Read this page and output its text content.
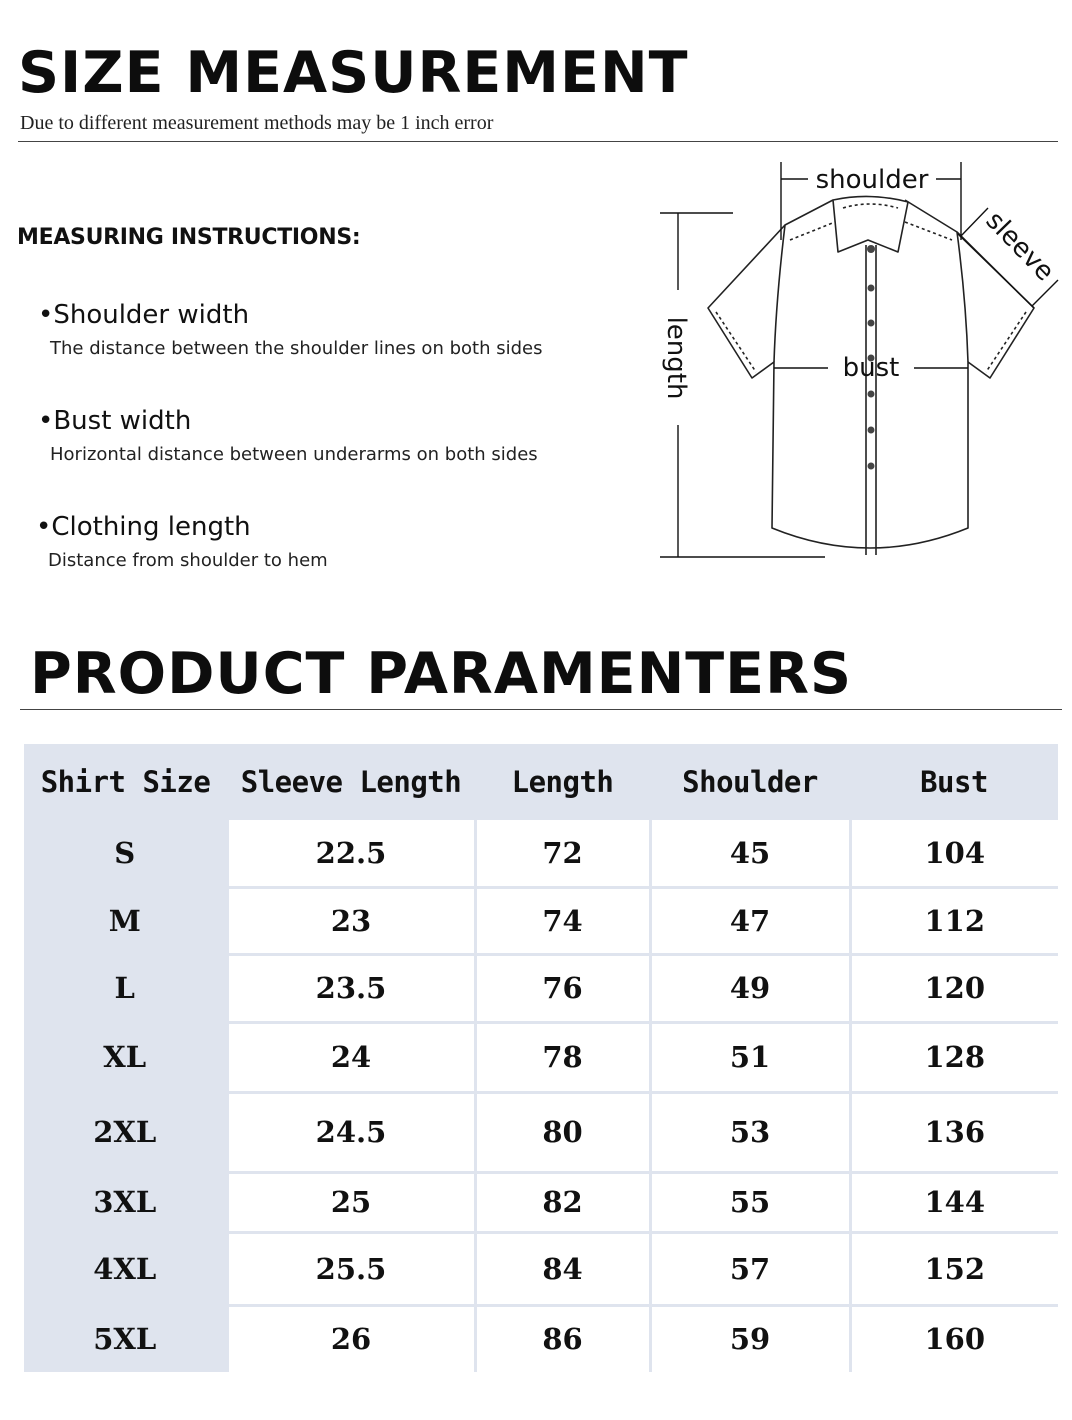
SIZE MEASUREMENT
Due to different measurement methods may be 1 inch error
MEASURING INSTRUCTIONS:
•Shoulder width
The distance between the shoulder lines on both sides
•Bust width
Horizontal distance between underarms on both sides
•Clothing length
Distance from shoulder to hem
shoulder
bust
length
sleeve
PRODUCT PARAMENTERS
Shirt Size	Sleeve Length	Length	Shoulder	Bust
S	22.5	72	45	104
M	23	74	47	112
L	23.5	76	49	120
XL	24	78	51	128
2XL	24.5	80	53	136
3XL	25	82	55	144
4XL	25.5	84	57	152
5XL	26	86	59	160
